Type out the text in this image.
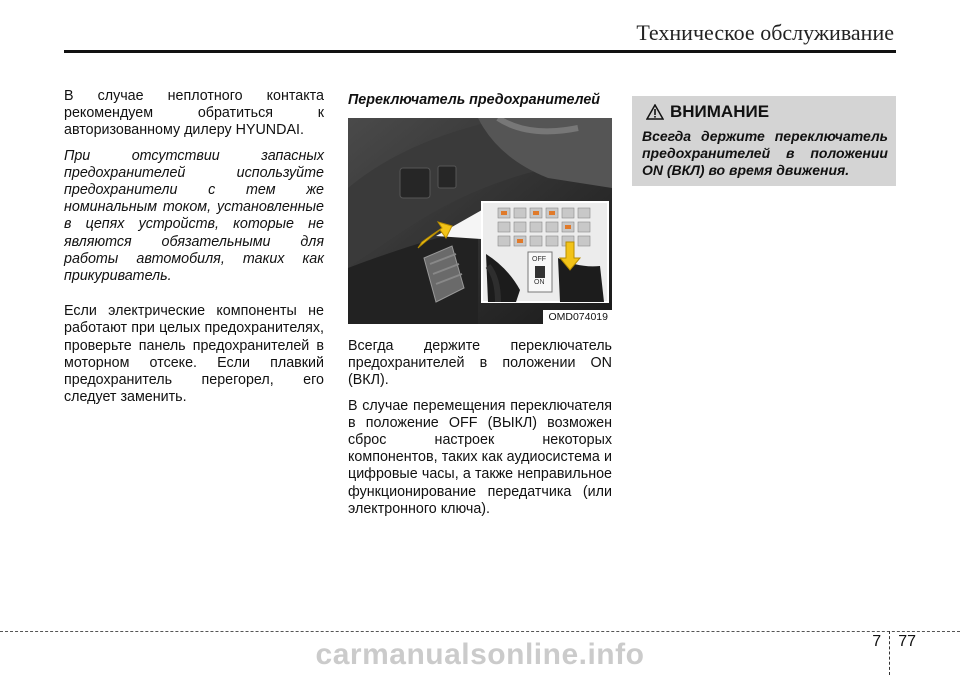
Техническое обслуживание

В случае неплотного контакта рекомендуем обратиться к авторизованному дилеру HYUNDAI.

При отсутствии запасных предохранителей используйте предохранители с тем же номинальным током, установленные в цепях устройств, которые не являются обязательными для работы автомобиля, таких как прикуриватель.

Если электрические компоненты не работают при целых предохранителях, проверьте панель предохранителей в моторном отсеке. Если плавкий предохранитель перегорел, его следует заменить.

Переключатель предохранителей
OFF
ON
OMD074019

Всегда держите переключатель предохранителей в положении ON (ВКЛ).

В случае перемещения переключателя в положение OFF (ВЫКЛ) возможен сброс настроек некоторых компонентов, таких как аудиосистема и цифровые часы, а также неправильное функционирование передатчика (или электронного ключа).

ВНИМАНИЕ
Всегда держите переключатель предохранителей в положении ON (ВКЛ) во время движения.
7	77
carmanualsonline.info
